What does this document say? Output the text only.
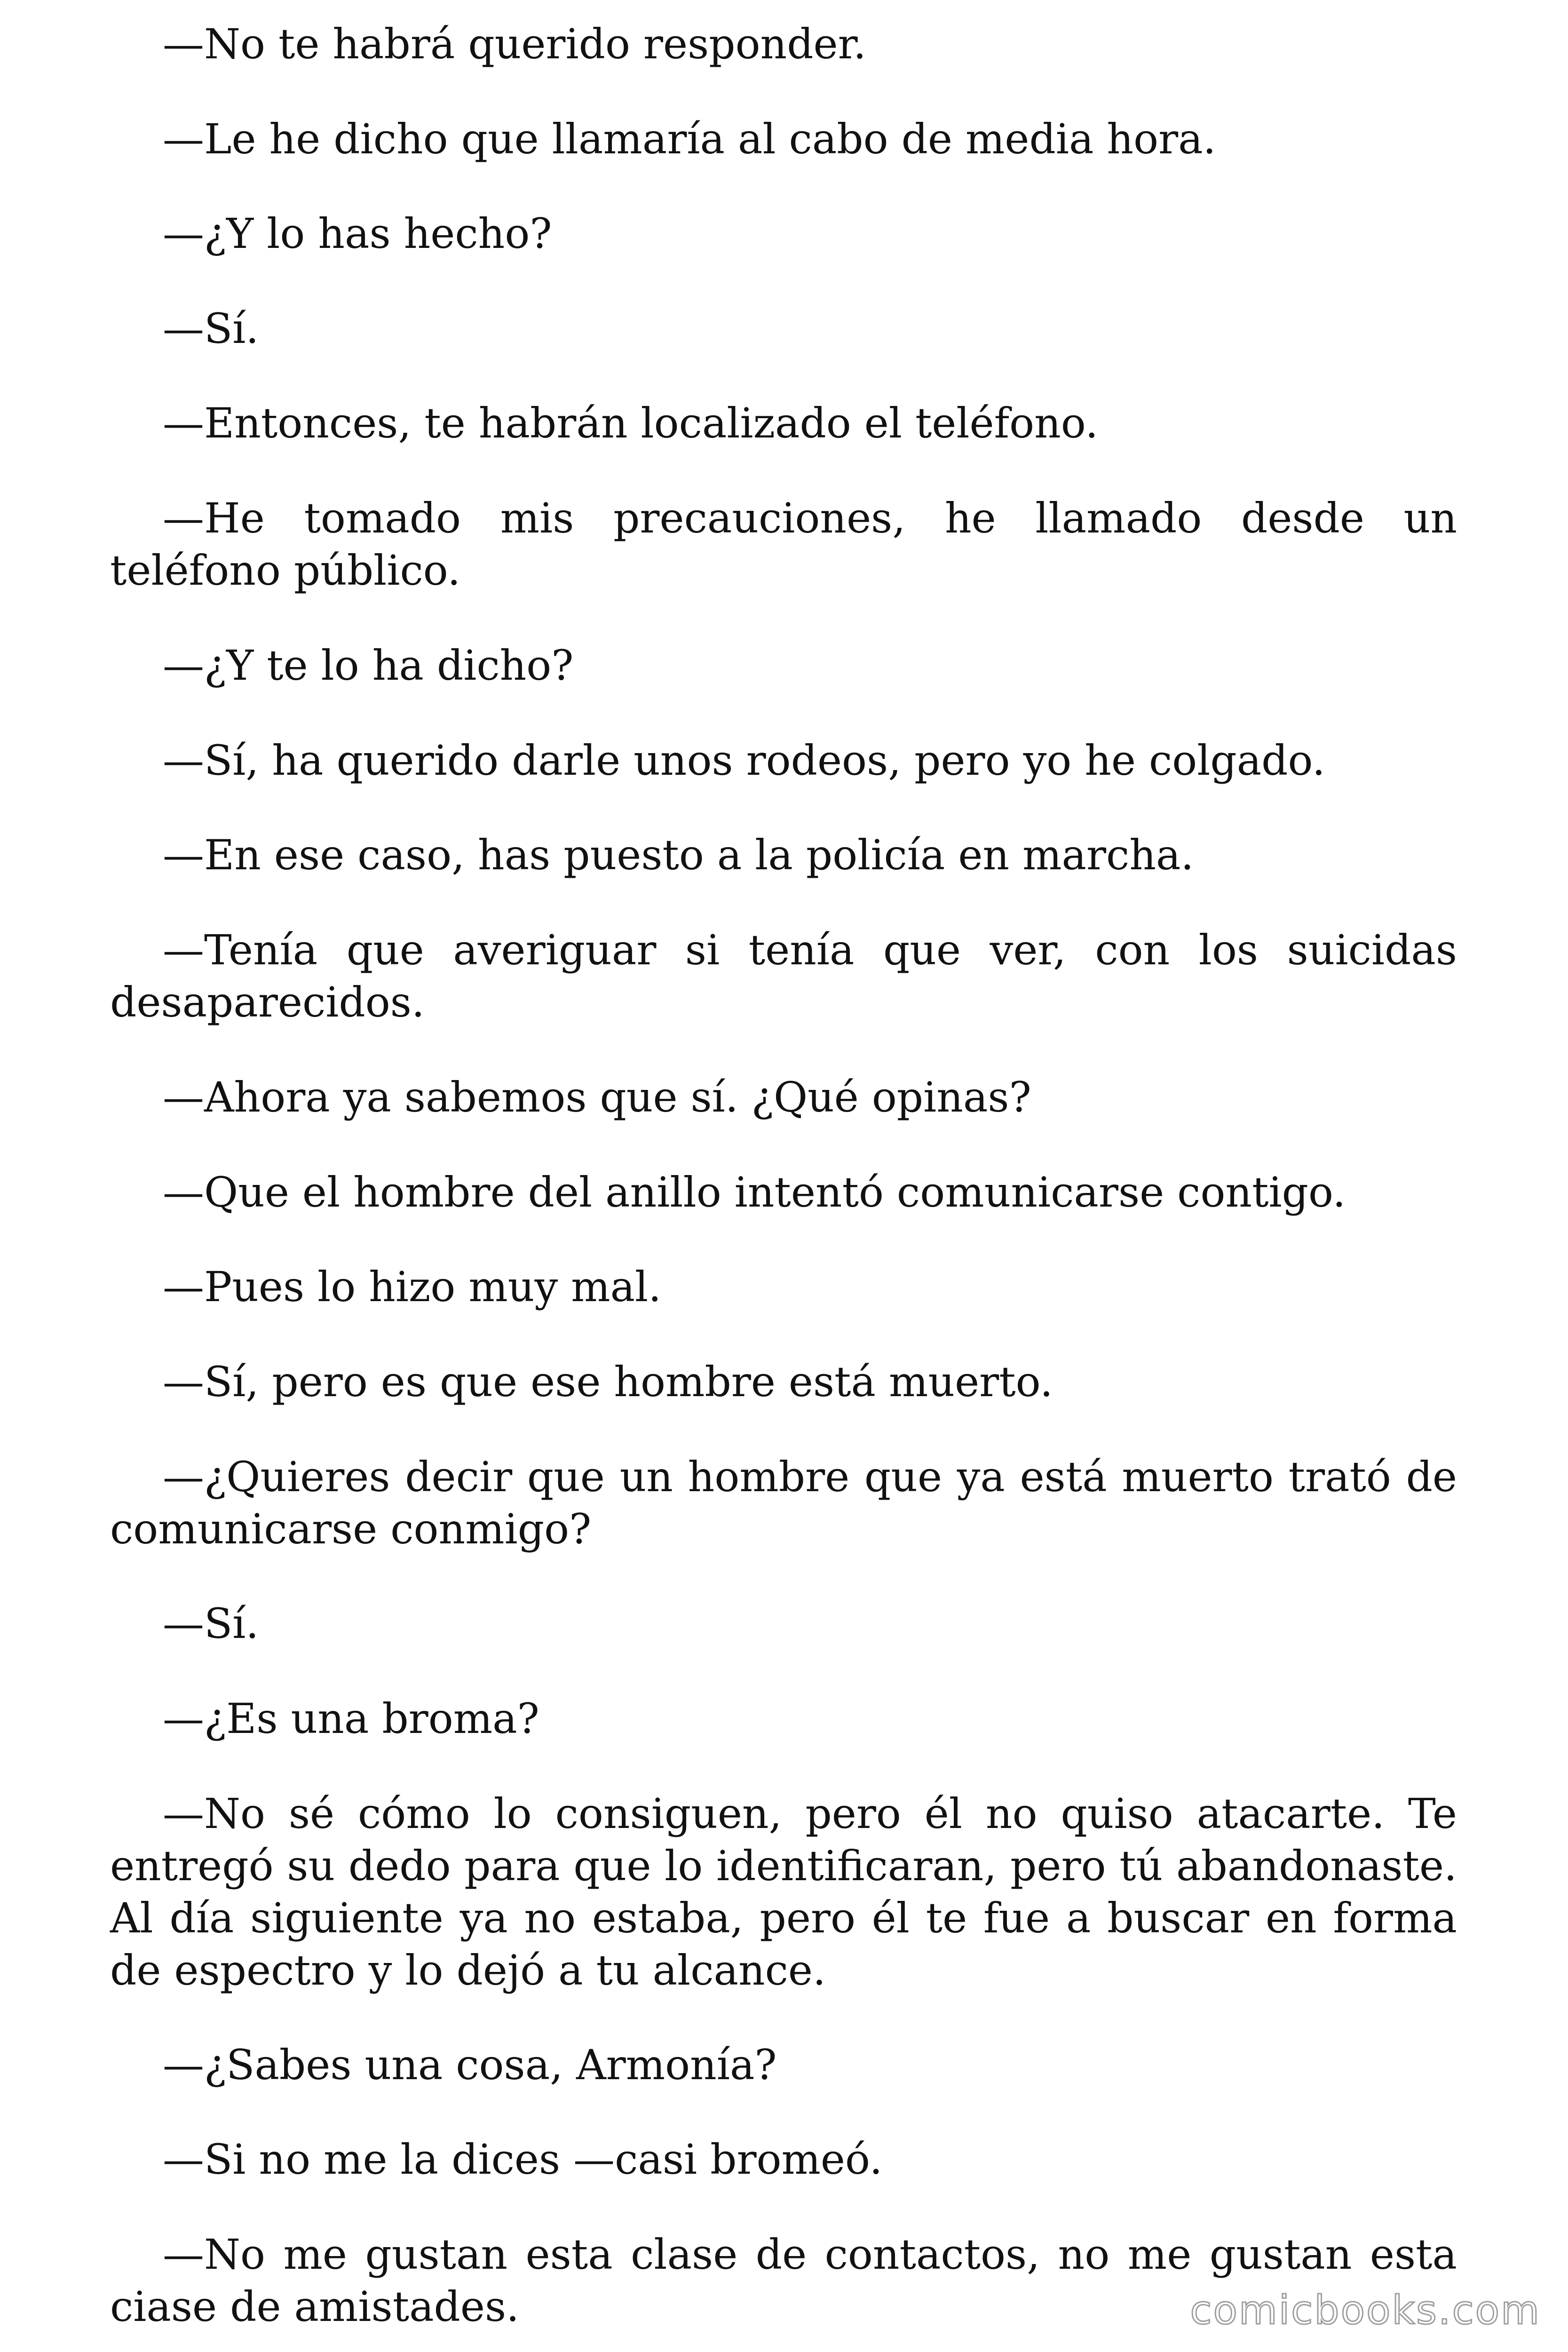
—No te habrá querido responder.

—Le he dicho que llamaría al cabo de media hora.

—¿Y lo has hecho?

—Sí.

—Entonces, te habrán localizado el teléfono.

—He tomado mis precauciones, he llamado desde un teléfono público.

—¿Y te lo ha dicho?

—Sí, ha querido darle unos rodeos, pero yo he colgado.

—En ese caso, has puesto a la policía en marcha.

—Tenía que averiguar si tenía que ver, con los suicidas desaparecidos.

—Ahora ya sabemos que sí. ¿Qué opinas?

—Que el hombre del anillo intentó comunicarse contigo.

—Pues lo hizo muy mal.

—Sí, pero es que ese hombre está muerto.

—¿Quieres decir que un hombre que ya está muerto trató de comunicarse conmigo?

—Sí.

—¿Es una broma?

—No sé cómo lo consiguen, pero él no quiso atacarte. Te entregó su dedo para que lo identificaran, pero tú abandonaste. Al día siguiente ya no estaba, pero él te fue a buscar en forma de espectro y lo dejó a tu alcance.

—¿Sabes una cosa, Armonía?

—Si no me la dices —casi bromeó.

—No me gustan esta clase de contactos, no me gustan esta ciase de amistades.	comicbooks.com
